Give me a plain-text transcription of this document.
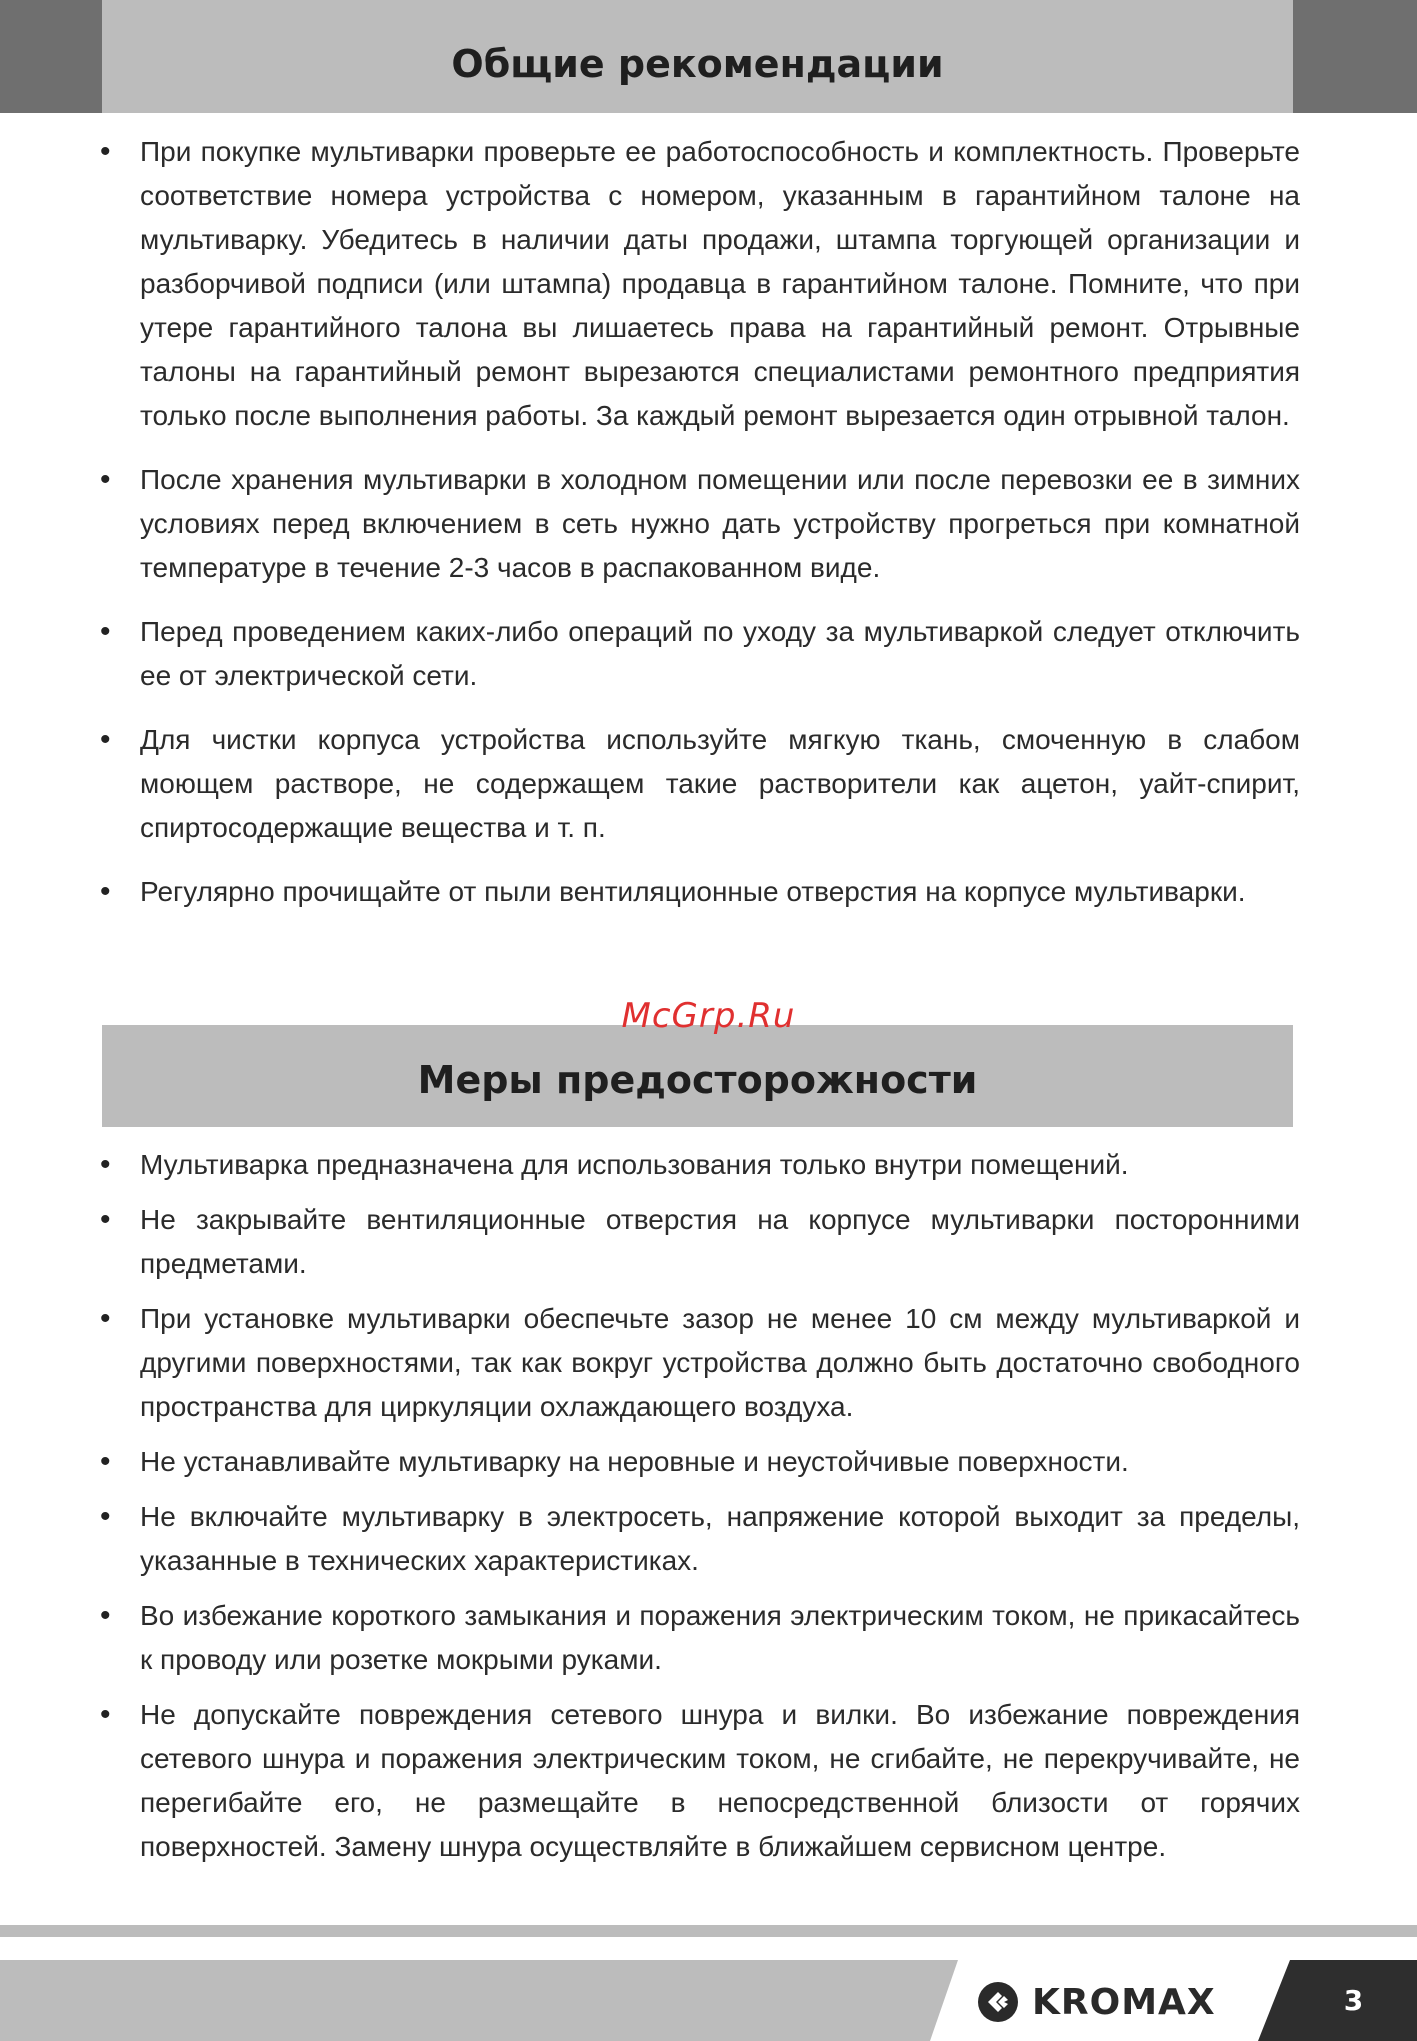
Общие рекомендации
• При покупке мультиварки проверьте ее работоспособность и комплектность. Проверьте соответствие номера устройства с номером, указанным в гарантийном талоне на мультиварку. Убедитесь в наличии даты продажи, штампа торгующей организации и разборчивой подписи (или штампа) продавца в гарантийном талоне. Помните, что при утере гарантийного талона вы лишаетесь права на гарантийный ремонт. Отрывные талоны на гарантийный ремонт вырезаются специалистами ремонтного предприятия только после выполнения работы. За каждый ремонт вырезается один отрывной талон.
• После хранения мультиварки в холодном помещении или после перевозки ее в зимних условиях перед включением в сеть нужно дать устройству прогреться при комнатной температуре в течение 2-3 часов в распакованном виде.
• Перед проведением каких-либо операций по уходу за мультиваркой следует отключить ее от электрической сети.
• Для чистки корпуса устройства используйте мягкую ткань, смоченную в слабом моющем растворе, не содержащем такие растворители как ацетон, уайт-спирит, спиртосодержащие вещества и т. п.
• Регулярно прочищайте от пыли вентиляционные отверстия на корпусе мультиварки.
McGrp.Ru
Меры предосторожности
• Мультиварка предназначена для использования только внутри помещений.
• Не закрывайте вентиляционные отверстия на корпусе мультиварки посторонними предметами.
• При установке мультиварки обеспечьте зазор не менее 10 см между мультиваркой и другими поверхностями, так как вокруг устройства должно быть достаточно свободного пространства для циркуляции охлаждающего воздуха.
• Не устанавливайте мультиварку на неровные и неустойчивые поверхности.
• Не включайте мультиварку в электросеть, напряжение которой выходит за пределы, указанные в технических характеристиках.
• Во избежание короткого замыкания и поражения электрическим током, не прикасайтесь к проводу или розетке мокрыми руками.
• Не допускайте повреждения сетевого шнура и вилки. Во избежание повреждения сетевого шнура и поражения электрическим током, не сгибайте, не перекручивайте, не перегибайте его, не размещайте в непосредственной близости от горячих поверхностей. Замену шнура осуществляйте в ближайшем сервисном центре.
KROMAX	3
